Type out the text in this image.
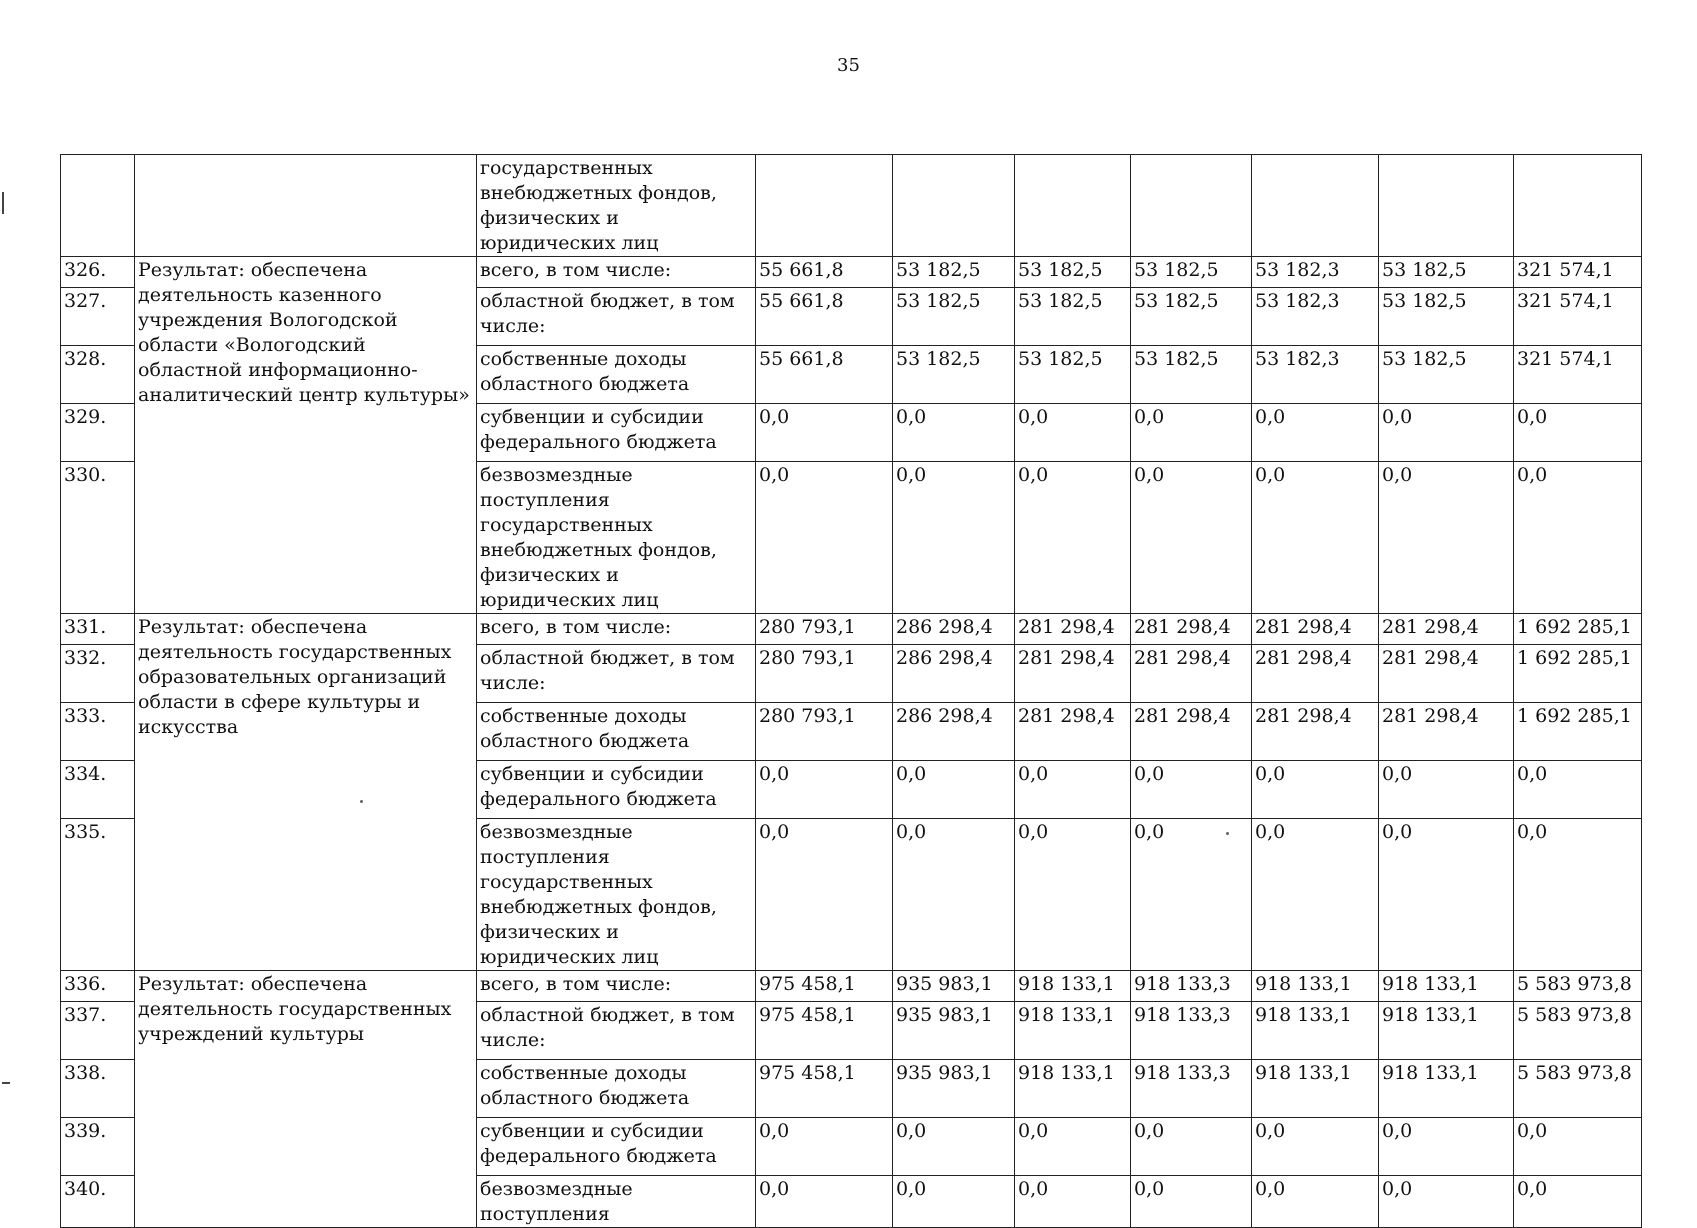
35
		государственных внебюджетных фондов, физических и юридических лиц							
326.	Результат: обеспечена деятельность казенного учреждения Вологодской области «Вологодский областной информационно-аналитический центр культуры»	всего, в том числе:	55 661,8	53 182,5	53 182,5	53 182,5	53 182,3	53 182,5	321 574,1
327.		областной бюджет, в том числе:	55 661,8	53 182,5	53 182,5	53 182,5	53 182,3	53 182,5	321 574,1
328.		собственные доходы областного бюджета	55 661,8	53 182,5	53 182,5	53 182,5	53 182,3	53 182,5	321 574,1
329.		субвенции и субсидии федерального бюджета	0,0	0,0	0,0	0,0	0,0	0,0	0,0
330.		безвозмездные поступления государственных внебюджетных фондов, физических и юридических лиц	0,0	0,0	0,0	0,0	0,0	0,0	0,0
331.	Результат: обеспечена деятельность государственных образовательных организаций области в сфере культуры и искусства	всего, в том числе:	280 793,1	286 298,4	281 298,4	281 298,4	281 298,4	281 298,4	1 692 285,1
332.		областной бюджет, в том числе:	280 793,1	286 298,4	281 298,4	281 298,4	281 298,4	281 298,4	1 692 285,1
333.		собственные доходы областного бюджета	280 793,1	286 298,4	281 298,4	281 298,4	281 298,4	281 298,4	1 692 285,1
334.		субвенции и субсидии федерального бюджета	0,0	0,0	0,0	0,0	0,0	0,0	0,0
335.		безвозмездные поступления государственных внебюджетных фондов, физических и юридических лиц	0,0	0,0	0,0	0,0	0,0	0,0	0,0
336.	Результат: обеспечена деятельность государственных учреждений культуры	всего, в том числе:	975 458,1	935 983,1	918 133,1	918 133,3	918 133,1	918 133,1	5 583 973,8
337.		областной бюджет, в том числе:	975 458,1	935 983,1	918 133,1	918 133,3	918 133,1	918 133,1	5 583 973,8
338.		собственные доходы областного бюджета	975 458,1	935 983,1	918 133,1	918 133,3	918 133,1	918 133,1	5 583 973,8
339.		субвенции и субсидии федерального бюджета	0,0	0,0	0,0	0,0	0,0	0,0	0,0
340.		безвозмездные поступления	0,0	0,0	0,0	0,0	0,0	0,0	0,0
